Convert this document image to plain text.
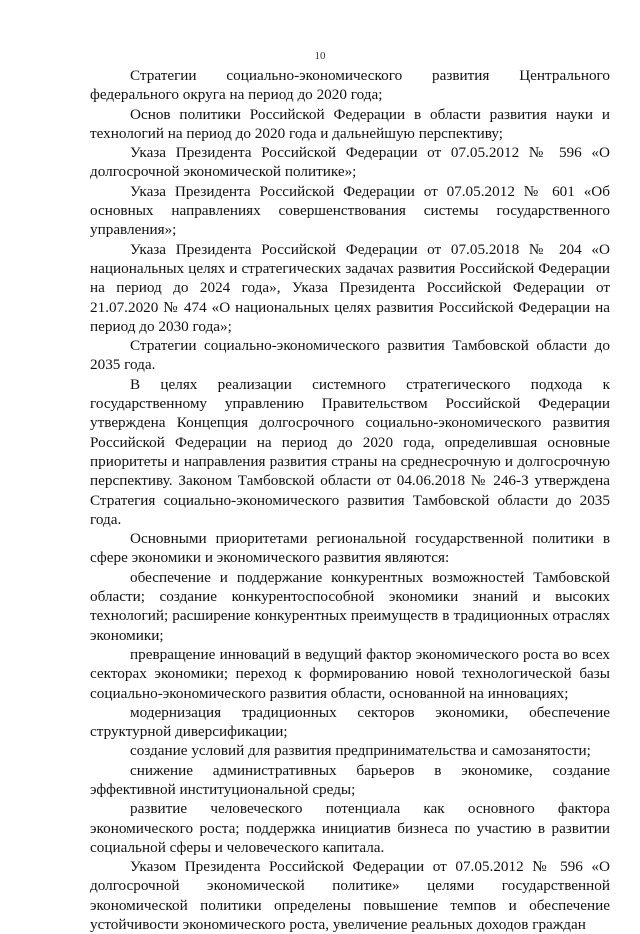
10

Стратегии социально-экономического развития Центрального федерального округа на период до 2020 года;

Основ политики Российской Федерации в области развития науки и технологий на период до 2020 года и дальнейшую перспективу;

Указа Президента Российской Федерации от 07.05.2012 № 596 «О долгосрочной экономической политике»;

Указа Президента Российской Федерации от 07.05.2012 № 601 «Об основных направлениях совершенствования системы государственного управления»;

Указа Президента Российской Федерации от 07.05.2018 № 204 «О национальных целях и стратегических задачах развития Российской Федерации на период до 2024 года», Указа Президента Российской Федерации от 21.07.2020 № 474 «О национальных целях развития Российской Федерации на период до 2030 года»;

Стратегии социально-экономического развития Тамбовской области до 2035 года.

В целях реализации системного стратегического подхода к государственному управлению Правительством Российской Федерации утверждена Концепция долгосрочного социально-экономического развития Российской Федерации на период до 2020 года, определившая основные приоритеты и направления развития страны на среднесрочную и долгосрочную перспективу. Законом Тамбовской области от 04.06.2018 № 246-З утверждена Стратегия социально-экономического развития Тамбовской области до 2035 года.

Основными приоритетами региональной государственной политики в сфере экономики и экономического развития являются:

обеспечение и поддержание конкурентных возможностей Тамбовской области; создание конкурентоспособной экономики знаний и высоких технологий; расширение конкурентных преимуществ в традиционных отраслях экономики;

превращение инноваций в ведущий фактор экономического роста во всех секторах экономики; переход к формированию новой технологической базы социально-экономического развития области, основанной на инновациях;

модернизация традиционных секторов экономики, обеспечение структурной диверсификации;

создание условий для развития предпринимательства и самозанятости;

снижение административных барьеров в экономике, создание эффективной институциональной среды;

развитие человеческого потенциала как основного фактора экономического роста; поддержка инициатив бизнеса по участию в развитии социальной сферы и человеческого капитала.

Указом Президента Российской Федерации от 07.05.2012 № 596 «О долгосрочной экономической политике» целями государственной экономической политики определены повышение темпов и обеспечение устойчивости экономического роста, увеличение реальных доходов граждан
